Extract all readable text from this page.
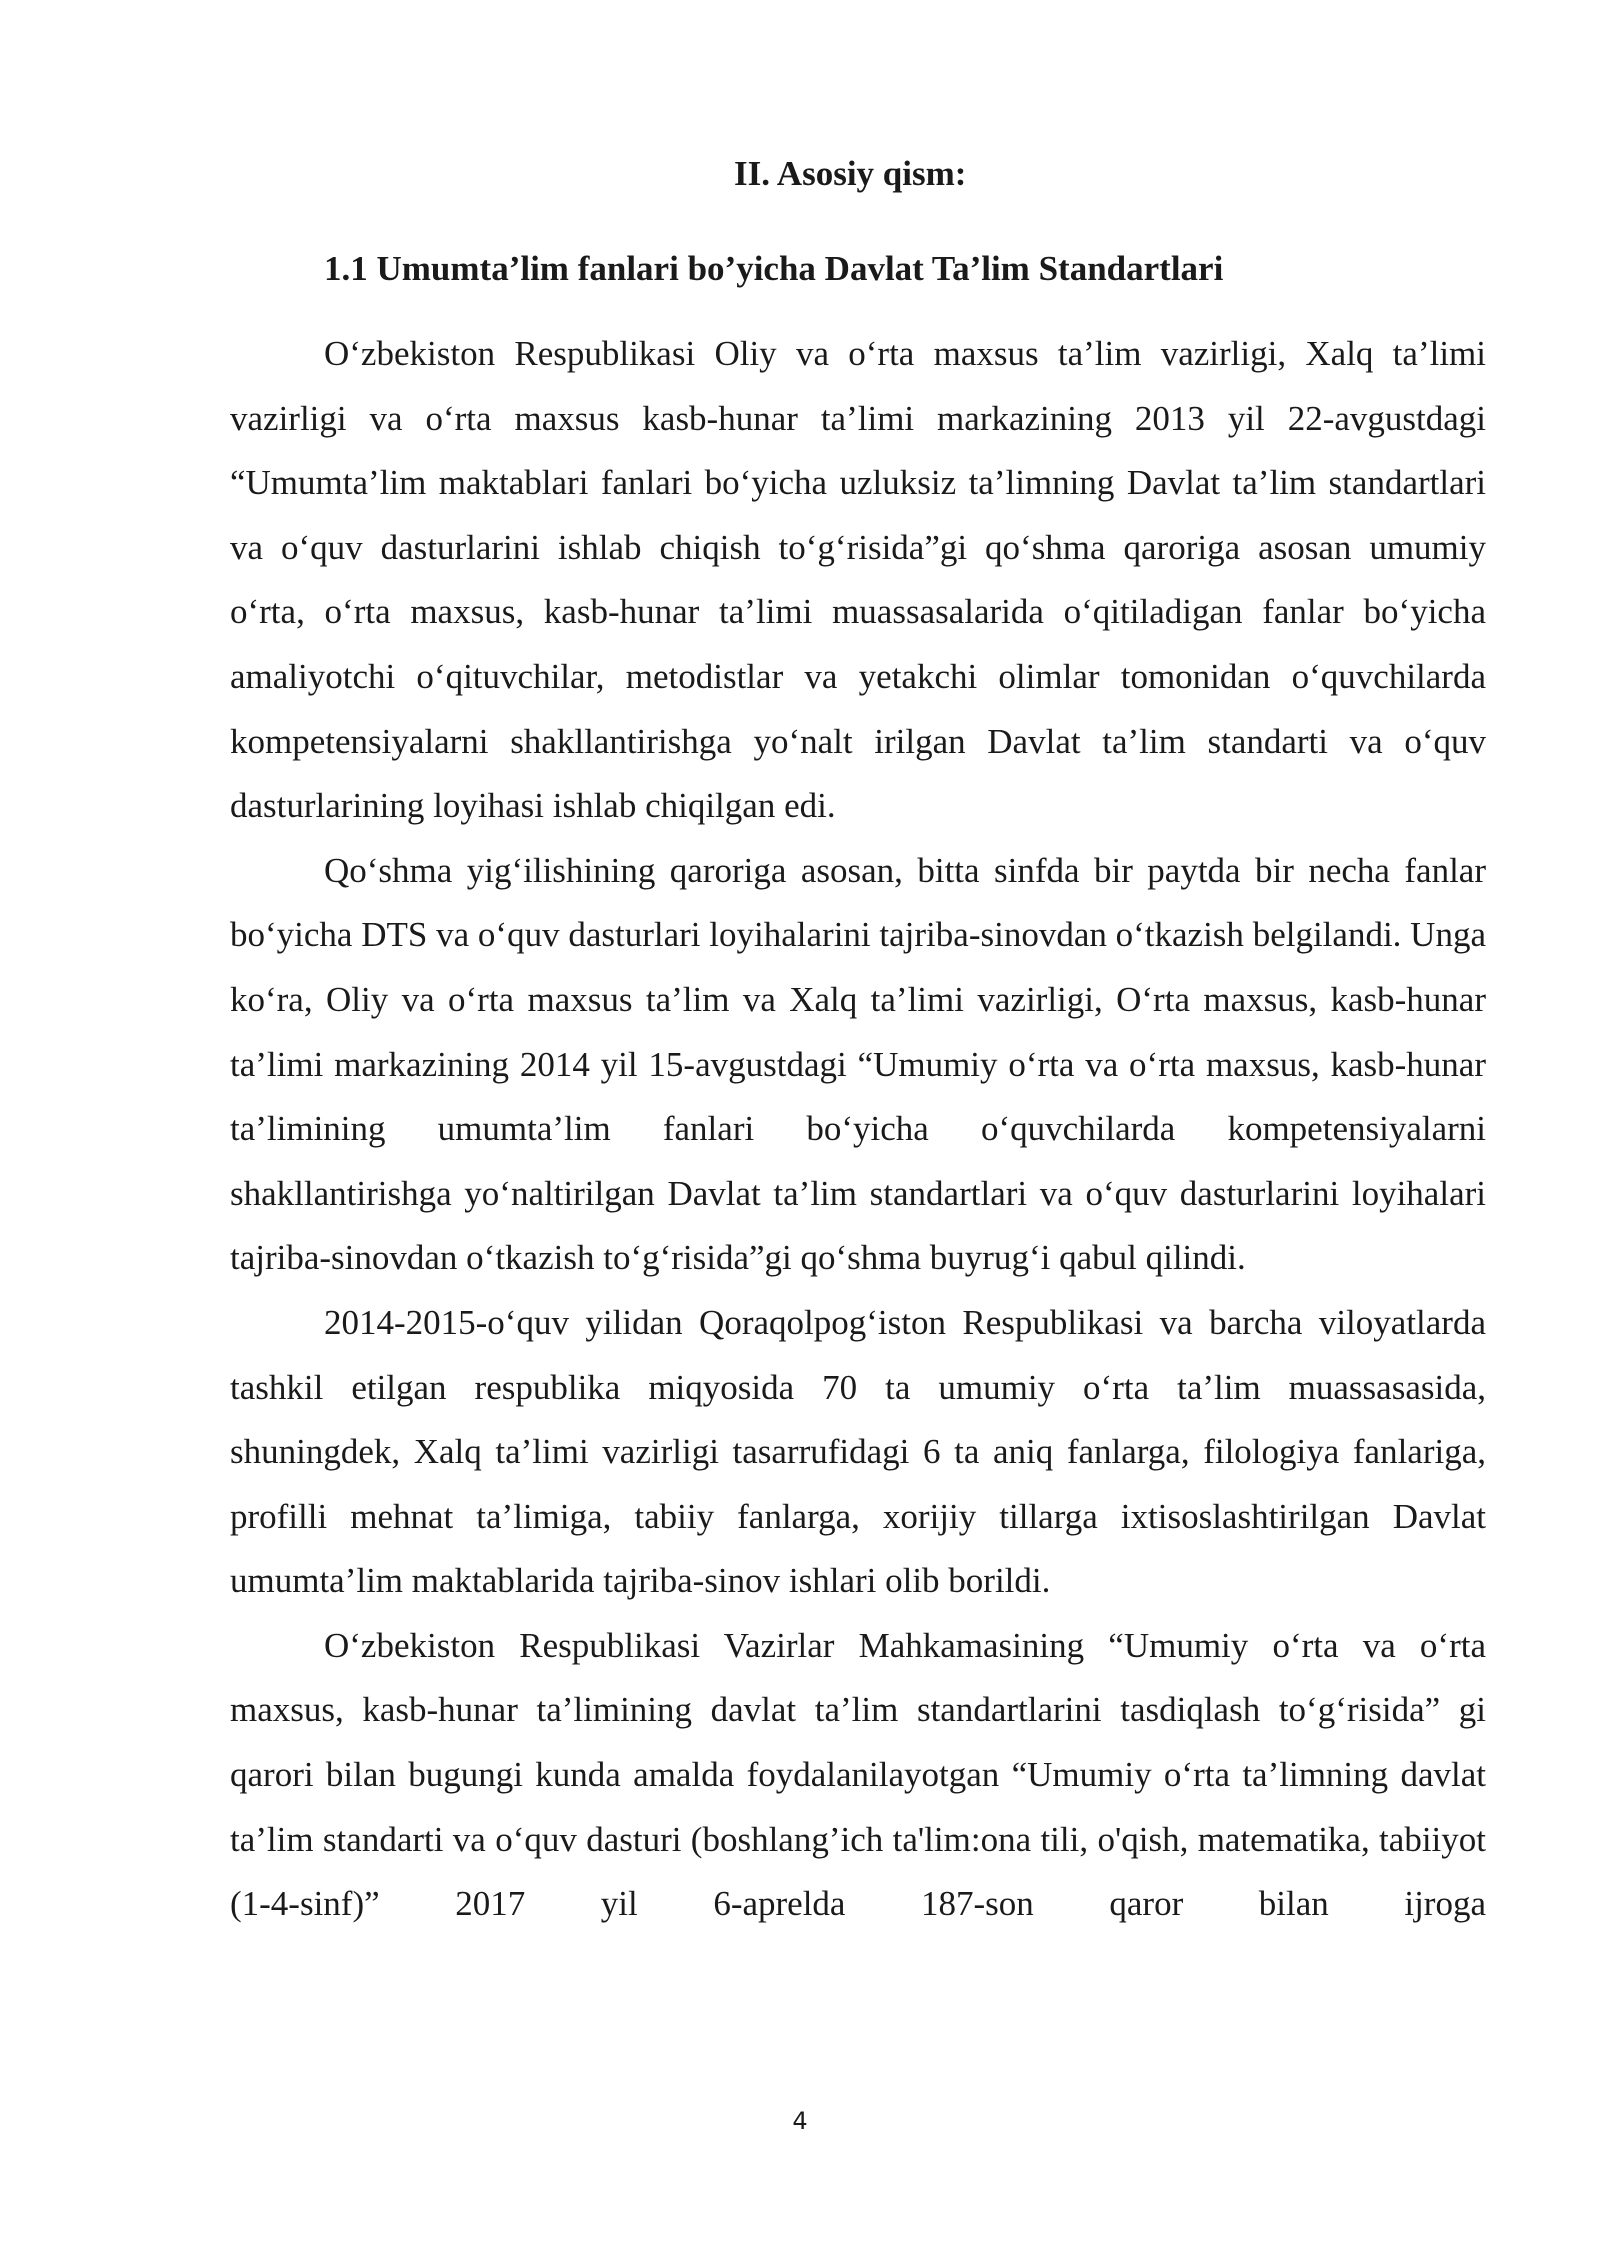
II. Asosiy qism:
1.1 Umumta’lim fanlari bo’yicha Davlat Ta’lim Standartlari

O‘zbekiston Respublikasi Oliy va o‘rta maxsus ta’lim vazirligi, Xalq ta’limi vazirligi va o‘rta maxsus kasb-hunar ta’limi markazining 2013 yil 22-avgustdagi “Umumta’lim maktablari fanlari bo‘yicha uzluksiz ta’limning Davlat ta’lim standartlari va o‘quv dasturlarini ishlab chiqish to‘g‘risida”gi qo‘shma qaroriga asosan umumiy o‘rta, o‘rta maxsus, kasb-hunar ta’limi muassasalarida o‘qitiladigan fanlar bo‘yicha amaliyotchi o‘qituvchilar, metodistlar va yetakchi olimlar tomonidan o‘quvchilarda kompetensiyalarni shakllantirishga yo‘nalt irilgan Davlat ta’lim standarti va o‘quv dasturlarining loyihasi ishlab chiqilgan edi.

Qo‘shma yig‘ilishining qaroriga asosan, bitta sinfda bir paytda bir necha fanlar bo‘yicha DTS va o‘quv dasturlari loyihalarini tajriba-sinovdan o‘tkazish belgilandi. Unga ko‘ra, Oliy va o‘rta maxsus ta’lim va Xalq ta’limi vazirligi, O‘rta maxsus, kasb-hunar ta’limi markazining 2014 yil 15-avgustdagi “Umumiy o‘rta va o‘rta maxsus, kasb-hunar ta’limining umumta’lim fanlari bo‘yicha o‘quvchilarda kompetensiyalarni shakllantirishga yo‘naltirilgan Davlat ta’lim standartlari va o‘quv dasturlarini loyihalari tajriba-sinovdan o‘tkazish to‘g‘risida”gi qo‘shma buyrug‘i qabul qilindi.

2014-2015-o‘quv yilidan Qoraqolpog‘iston Respublikasi va barcha viloyatlarda tashkil etilgan respublika miqyosida 70 ta umumiy o‘rta ta’lim muassasasida, shuningdek, Xalq ta’limi vazirligi tasarrufidagi 6 ta aniq fanlarga, filologiya fanlariga, profilli mehnat ta’limiga, tabiiy fanlarga, xorijiy tillarga ixtisoslashtirilgan Davlat umumta’lim maktablarida tajriba-sinov ishlari olib borildi.

O‘zbekiston Respublikasi Vazirlar Mahkamasining “Umumiy o‘rta va o‘rta maxsus, kasb-hunar ta’limining davlat ta’lim standartlarini tasdiqlash to‘g‘risida” gi qarori bilan bugungi kunda amalda foydalanilayotgan “Umumiy o‘rta ta’limning davlat ta’lim standarti va o‘quv dasturi (boshlang’ich ta'lim:ona tili, o'qish, matematika, tabiiyot (1-4-sinf)” 2017 yil 6-aprelda 187-son qaror bilan ijroga

4
